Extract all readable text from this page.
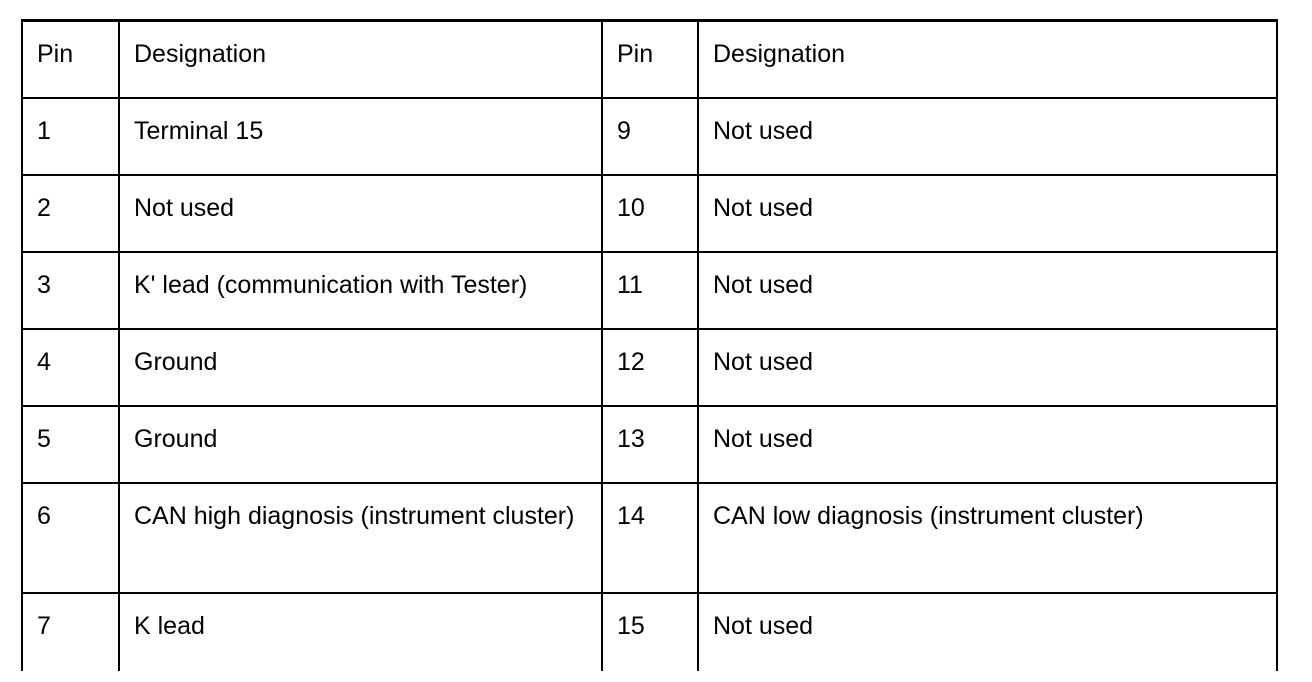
Pin	Designation	Pin	Designation
1	Terminal 15	9	Not used
2	Not used	10	Not used
3	K' lead (communication with Tester)	11	Not used
4	Ground	12	Not used
5	Ground	13	Not used
6	CAN high diagnosis (instrument cluster)	14	CAN low diagnosis (instrument cluster)
7	K lead	15	Not used
